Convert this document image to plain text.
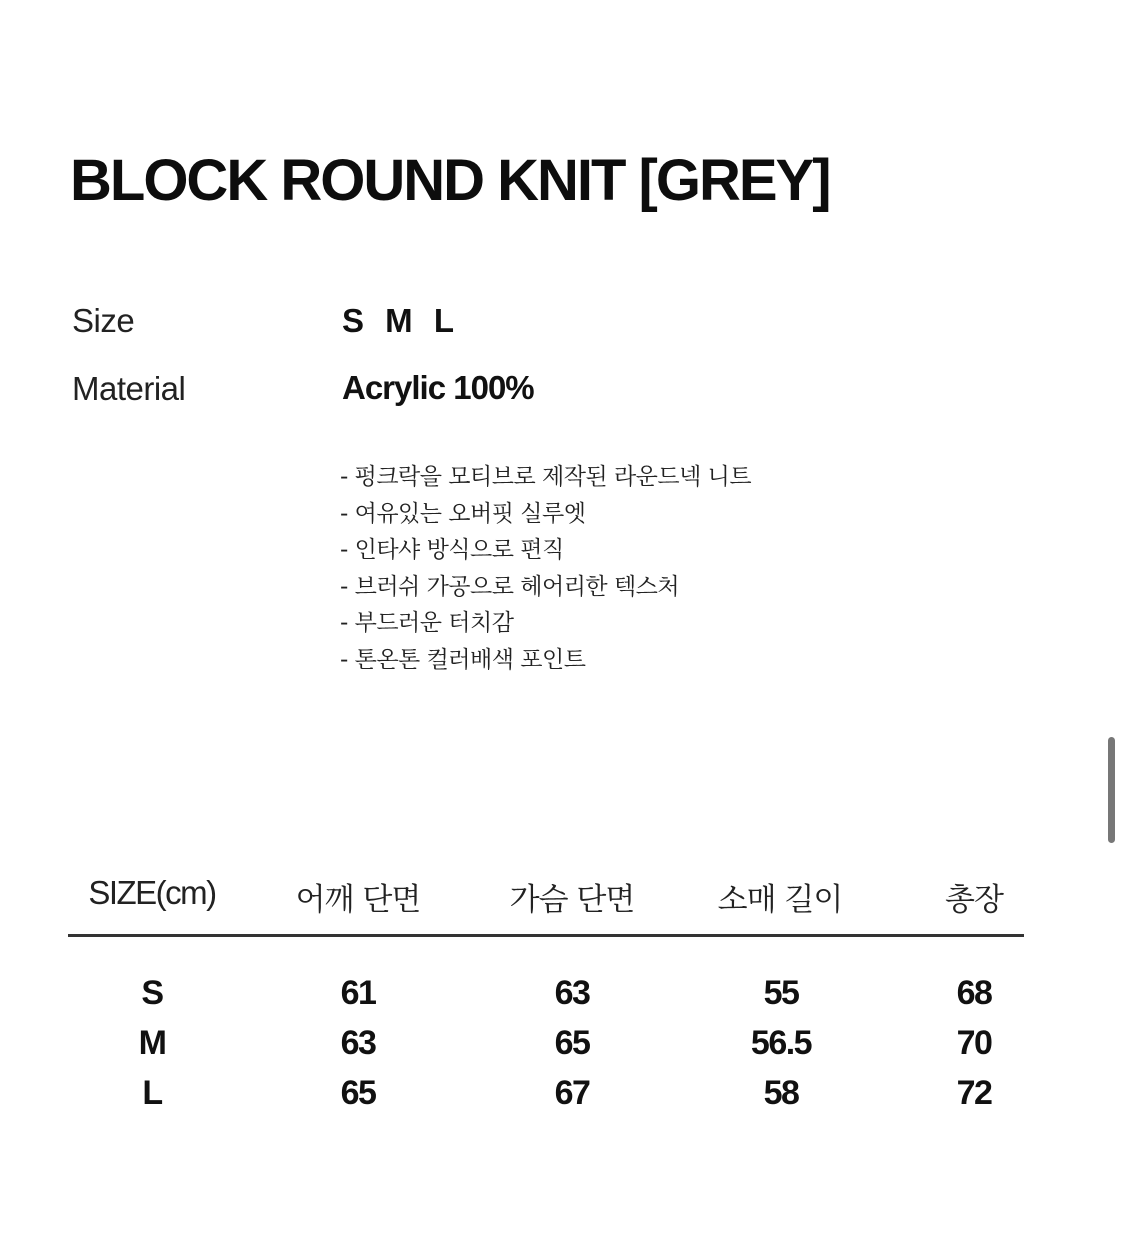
BLOCK ROUND KNIT [GREY]
Size	S M L
Material	Acrylic 100%
- 펑크락을 모티브로 제작된 라운드넥 니트
- 여유있는 오버핏 실루엣
- 인타샤 방식으로 편직
- 브러쉬 가공으로 헤어리한 텍스처
- 부드러운 터치감
- 톤온톤 컬러배색 포인트
SIZE(cm)	어깨 단면	가슴 단면	소매 길이	총장
S	61	63	55	68
M	63	65	56.5	70
L	65	67	58	72
